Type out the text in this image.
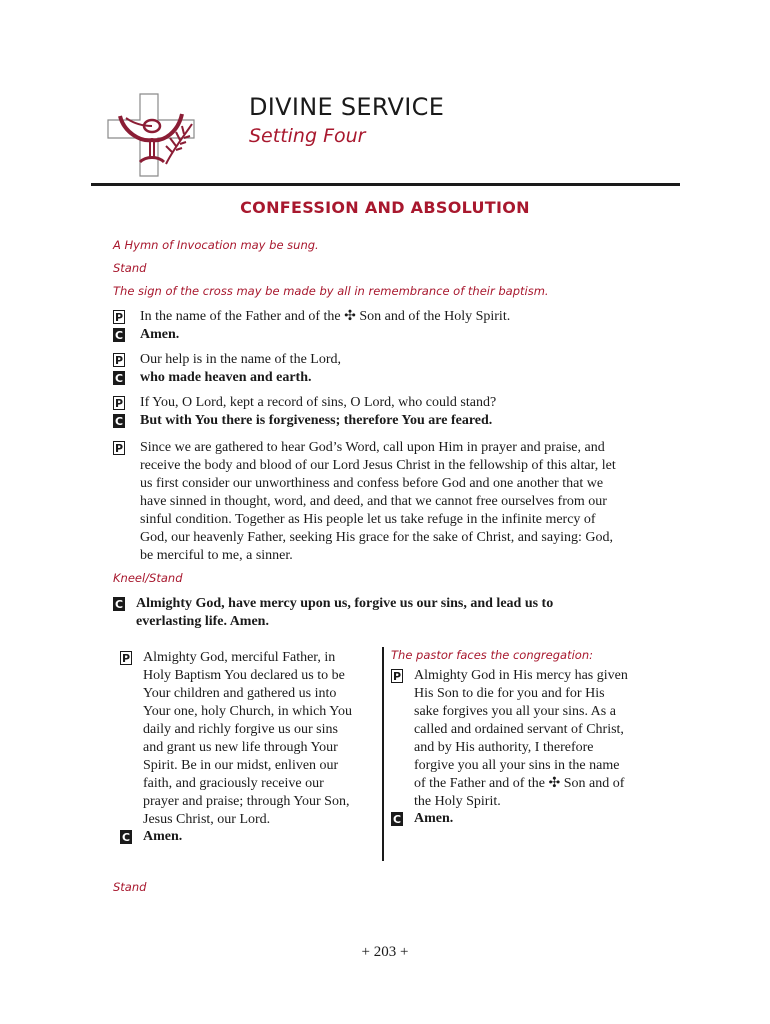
DIVINE SERVICE
Setting Four
CONFESSION AND ABSOLUTION
A Hymn of Invocation may be sung.
Stand
The sign of the cross may be made by all in remembrance of their baptism.
P In the name of the Father and of the ✣ Son and of the Holy Spirit.
C Amen.
P Our help is in the name of the Lord,
C who made heaven and earth.
P If You, O Lord, kept a record of sins, O Lord, who could stand?
C But with You there is forgiveness; therefore You are feared.
P Since we are gathered to hear God’s Word, call upon Him in prayer and praise, and
receive the body and blood of our Lord Jesus Christ in the fellowship of this altar, let
us first consider our unworthiness and confess before God and one another that we
have sinned in thought, word, and deed, and that we cannot free ourselves from our
sinful condition. Together as His people let us take refuge in the infinite mercy of
God, our heavenly Father, seeking His grace for the sake of Christ, and saying: God,
be merciful to me, a sinner.
Kneel/Stand
C Almighty God, have mercy upon us, forgive us our sins, and lead us to
everlasting life. Amen.
P Almighty God, merciful Father, in
Holy Baptism You declared us to be
Your children and gathered us into
Your one, holy Church, in which You
daily and richly forgive us our sins
and grant us new life through Your
Spirit. Be in our midst, enliven our
faith, and graciously receive our
prayer and praise; through Your Son,
Jesus Christ, our Lord.
C Amen.
The pastor faces the congregation:
P Almighty God in His mercy has given
His Son to die for you and for His
sake forgives you all your sins. As a
called and ordained servant of Christ,
and by His authority, I therefore
forgive you all your sins in the name
of the Father and of the ✣ Son and of
the Holy Spirit.
C Amen.
Stand
+ 203 +
